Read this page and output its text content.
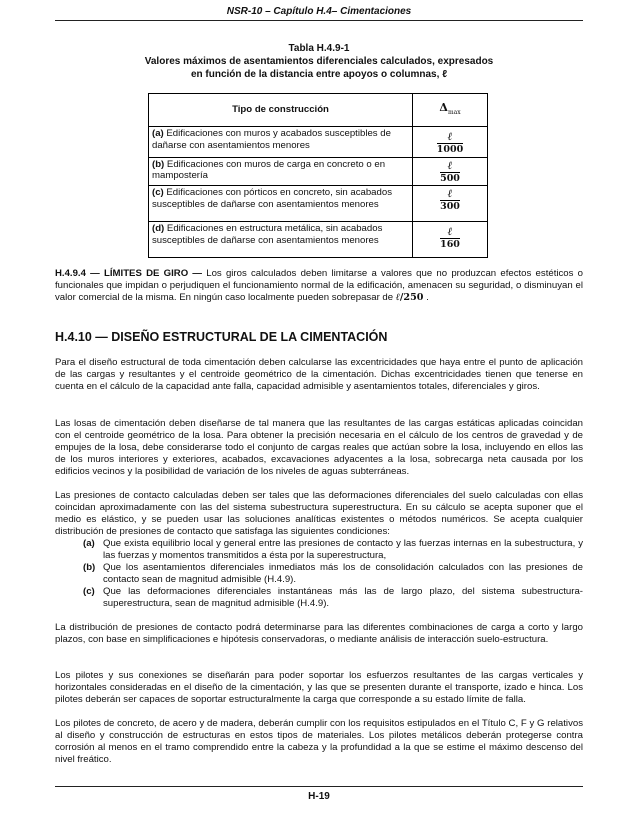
NSR-10 – Capítulo H.4– Cimentaciones
Tabla H.4.9-1
Valores máximos de asentamientos diferenciales calculados, expresados
en función de la distancia entre apoyos o columnas, ℓ
Tipo de construcción	$\Delta_{max}$
(a) Edificaciones con muros y acabados susceptibles de dañarse con asentamientos menores	$\frac{\text{ℓ}}{1000}$

(b) Edificaciones con muros de carga en concreto o en mampostería	$\frac{\text{ℓ}}{500}$

(c) Edificaciones con pórticos en concreto, sin acabados susceptibles de dañarse con asentamientos menores	$\frac{\text{ℓ}}{300}$

(d) Edificaciones en estructura metálica, sin acabados susceptibles de dañarse con asentamientos menores	$\frac{\text{ℓ}}{160}$

H.4.9.4 — LÍMITES DE GIRO — Los giros calculados deben limitarse a valores que no produzcan efectos estéticos o funcionales que impidan o perjudiquen el funcionamiento normal de la edificación, amenacen su seguridad, o disminuyan el valor comercial de la misma. En ningún caso localmente pueden sobrepasar de ℓ/250 .

H.4.10 — DISEÑO ESTRUCTURAL DE LA CIMENTACIÓN

Para el diseño estructural de toda cimentación deben calcularse las excentricidades que haya entre el punto de aplicación de las cargas y resultantes y el centroide geométrico de la cimentación. Dichas excentricidades tienen que tenerse en cuenta en el cálculo de la capacidad ante falla, capacidad admisible y asentamientos totales, diferenciales y giros.

Las losas de cimentación deben diseñarse de tal manera que las resultantes de las cargas estáticas aplicadas coincidan con el centroide geométrico de la losa. Para obtener la precisión necesaria en el cálculo de los centros de gravedad y de empujes de la losa, debe considerarse todo el conjunto de cargas reales que actúan sobre la losa, incluyendo en ellos las de los muros interiores y exteriores, acabados, excavaciones adyacentes a la losa, sobrecarga neta causada por los edificios vecinos y la posibilidad de variación de los niveles de aguas subterráneas.

Las presiones de contacto calculadas deben ser tales que las deformaciones diferenciales del suelo calculadas con ellas coincidan aproximadamente con las del sistema subestructura superestructura. En su cálculo se acepta suponer que el medio es elástico, y se pueden usar las soluciones analíticas existentes o métodos numéricos. Se acepta cualquier distribución de presiones de contacto que satisfaga las siguientes condiciones:

(a) Que exista equilibrio local y general entre las presiones de contacto y las fuerzas internas en la subestructura, y las fuerzas y momentos transmitidos a ésta por la superestructura,
(b) Que los asentamientos diferenciales inmediatos más los de consolidación calculados con las presiones de contacto sean de magnitud admisible (H.4.9).
(c) Que las deformaciones diferenciales instantáneas más las de largo plazo, del sistema subestructura-superestructura, sean de magnitud admisible (H.4.9).

La distribución de presiones de contacto podrá determinarse para las diferentes combinaciones de carga a corto y largo plazos, con base en simplificaciones e hipótesis conservadoras, o mediante análisis de interacción suelo-estructura.

Los pilotes y sus conexiones se diseñarán para poder soportar los esfuerzos resultantes de las cargas verticales y horizontales consideradas en el diseño de la cimentación, y las que se presenten durante el transporte, izado e hinca. Los pilotes deberán ser capaces de soportar estructuralmente la carga que corresponde a su estado límite de falla.

Los pilotes de concreto, de acero y de madera, deberán cumplir con los requisitos estipulados en el Título C, F y G relativos al diseño y construcción de estructuras en estos tipos de materiales. Los pilotes metálicos deberán protegerse contra corrosión al menos en el tramo comprendido entre la cabeza y la profundidad a la que se estime el máximo descenso del nivel freático.

H-19
